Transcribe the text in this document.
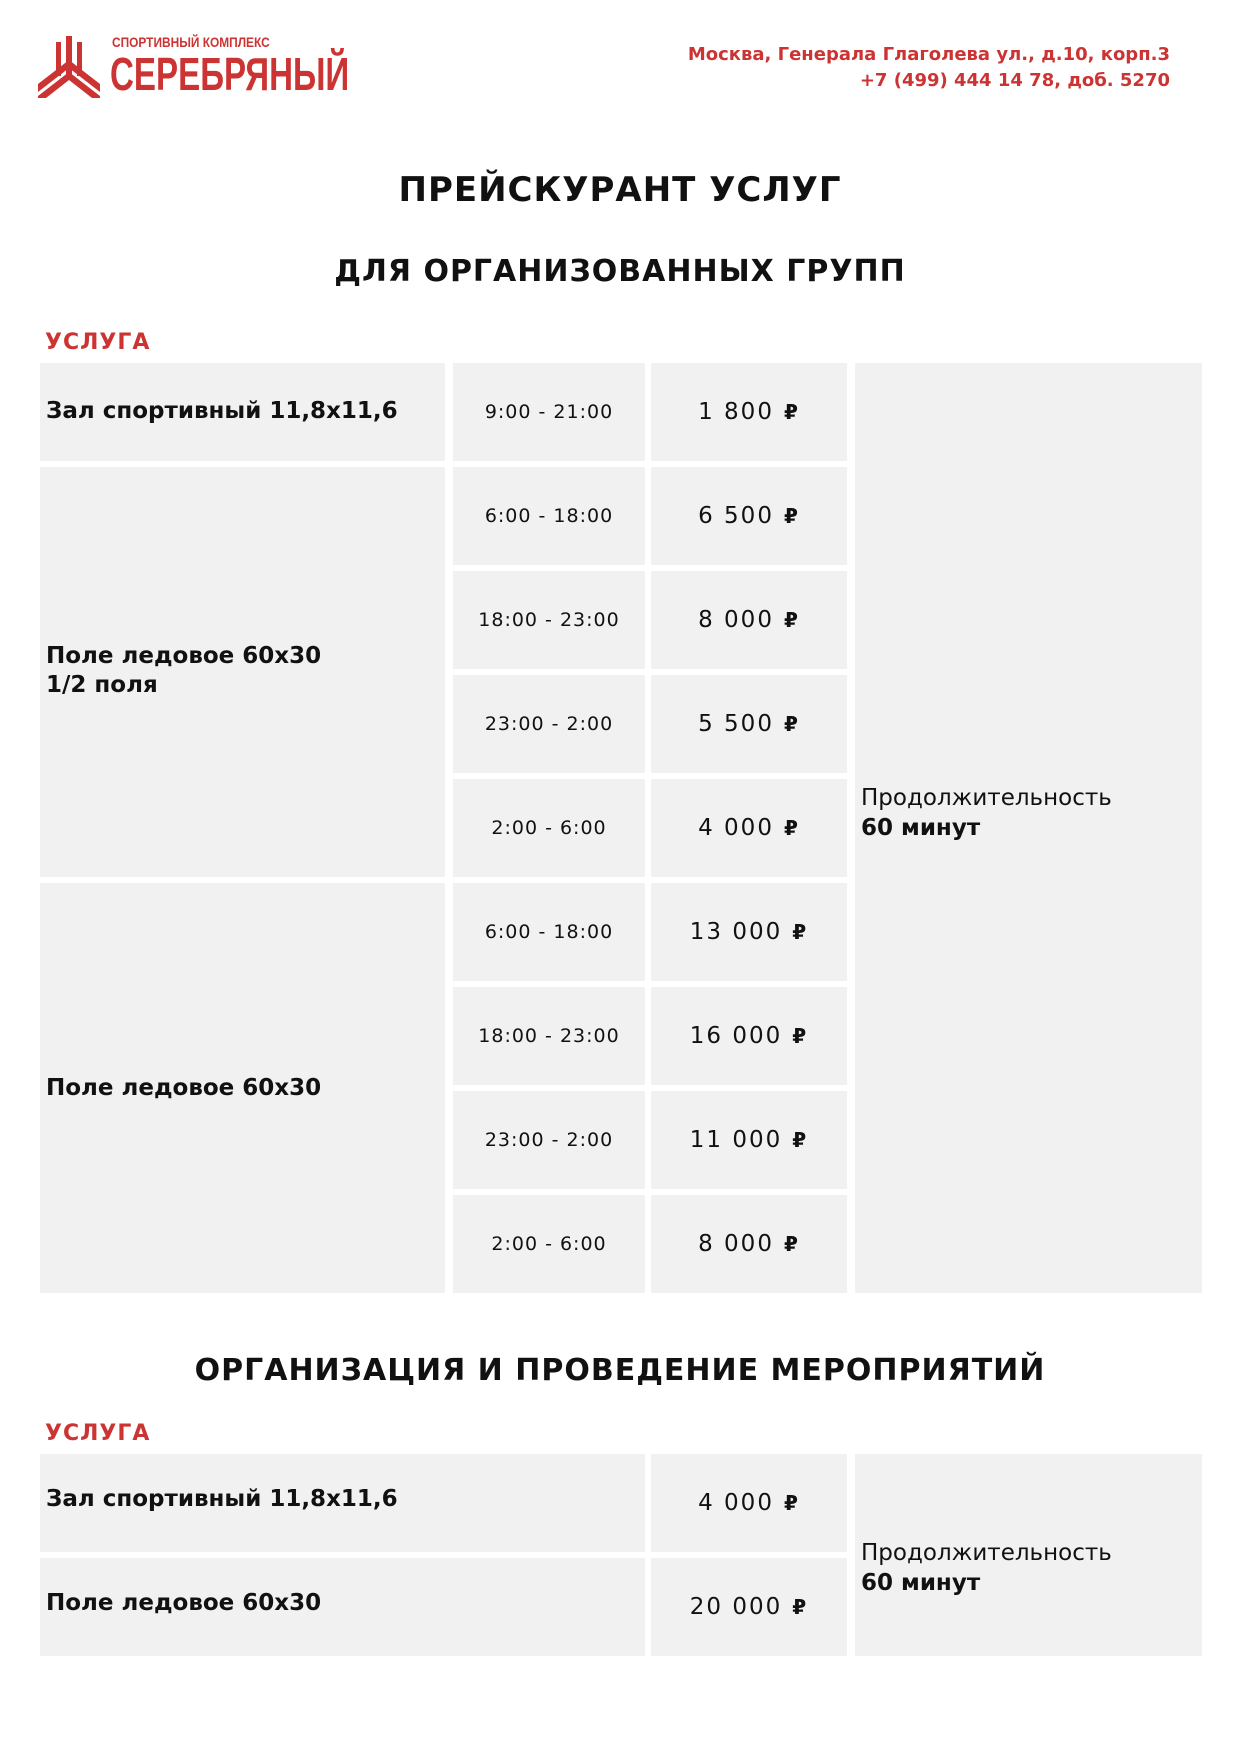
СПОРТИВНЫЙ КОМПЛЕКС
СЕРЕБРЯНЫЙ	Москва, Генерала Глаголева ул., д.10, корп.3
+7 (499) 444 14 78, доб. 5270
ПРЕЙСКУРАНТ УСЛУГ
ДЛЯ ОРГАНИЗОВАННЫХ ГРУПП
УСЛУГА
Зал спортивный 11,8х11,6	9:00 - 21:00	1 800 ₽
Поле ледовое 60х30
1/2 поля
6:00 - 18:00	6 500 ₽
18:00 - 23:00	8 000 ₽
23:00 - 2:00	5 500 ₽
2:00 - 6:00	4 000 ₽
Поле ледовое 60х30
6:00 - 18:00	13 000 ₽
18:00 - 23:00	16 000 ₽
23:00 - 2:00	11 000 ₽
2:00 - 6:00	8 000 ₽
Продолжительность
60 минут
ОРГАНИЗАЦИЯ И ПРОВЕДЕНИЕ МЕРОПРИЯТИЙ
УСЛУГА
Зал спортивный 11,8х11,6	4 000 ₽
Поле ледовое 60х30	20 000 ₽
Продолжительность
60 минут
